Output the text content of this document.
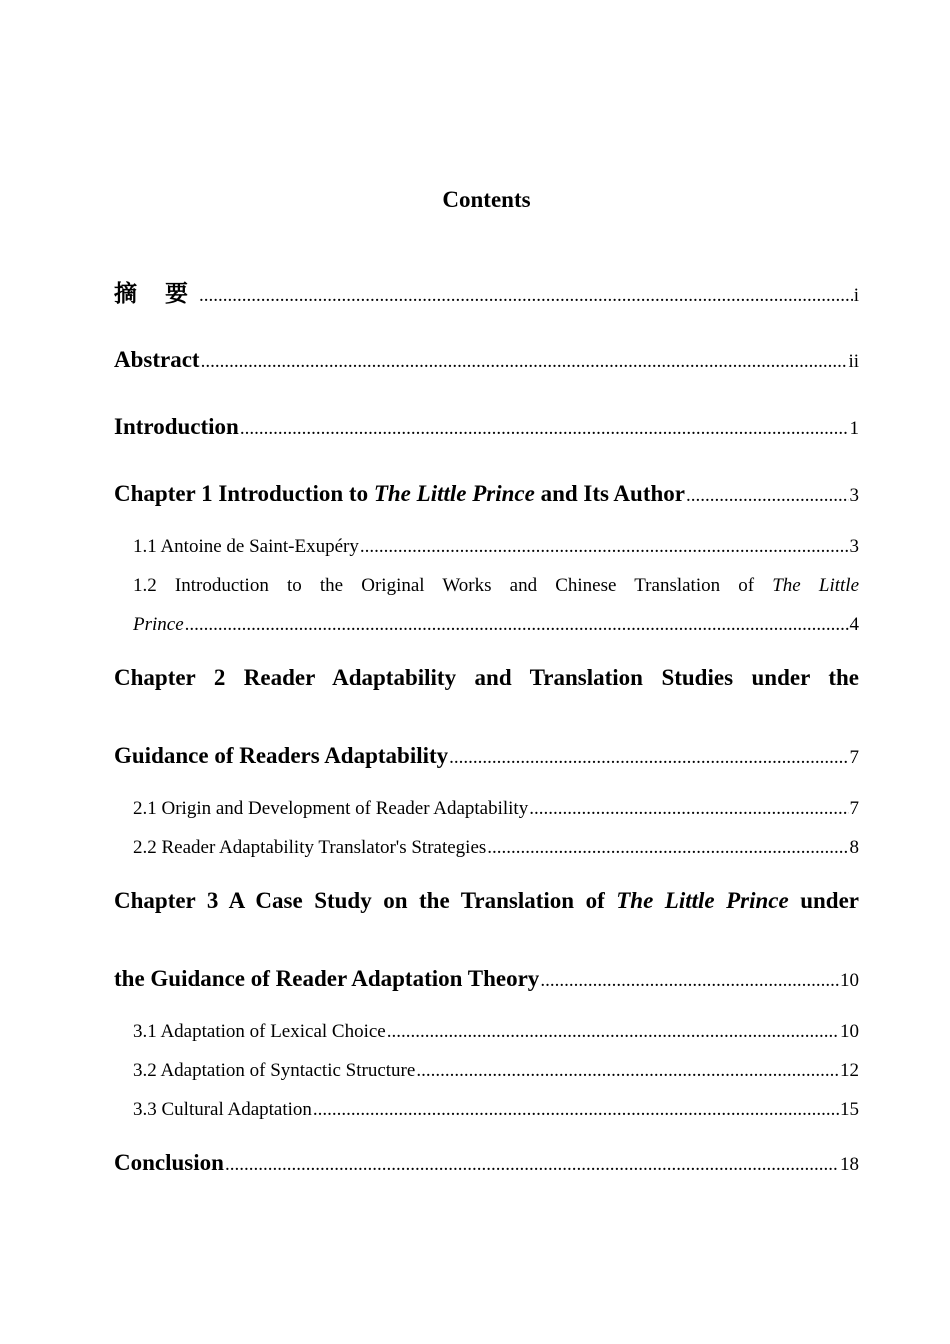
Contents
摘 要 .....	i
Abstract .....	ii
Introduction .....	1
Chapter 1 Introduction to The Little Prince and Its Author .....	3
1.1 Antoine de Saint-Exupéry .....	3
1.2 Introduction to the Original Works and Chinese Translation of The Little
Prince .....	4
Chapter 2 Reader Adaptability and Translation Studies under the
Guidance of Readers Adaptability .....	7
2.1 Origin and Development of Reader Adaptability .....	7
2.2 Reader Adaptability Translator's Strategies .....	8
Chapter 3 A Case Study on the Translation of The Little Prince under
the Guidance of Reader Adaptation Theory .....	10
3.1 Adaptation of Lexical Choice .....	10
3.2 Adaptation of Syntactic Structure .....	12
3.3 Cultural Adaptation .....	15
Conclusion .....	18
